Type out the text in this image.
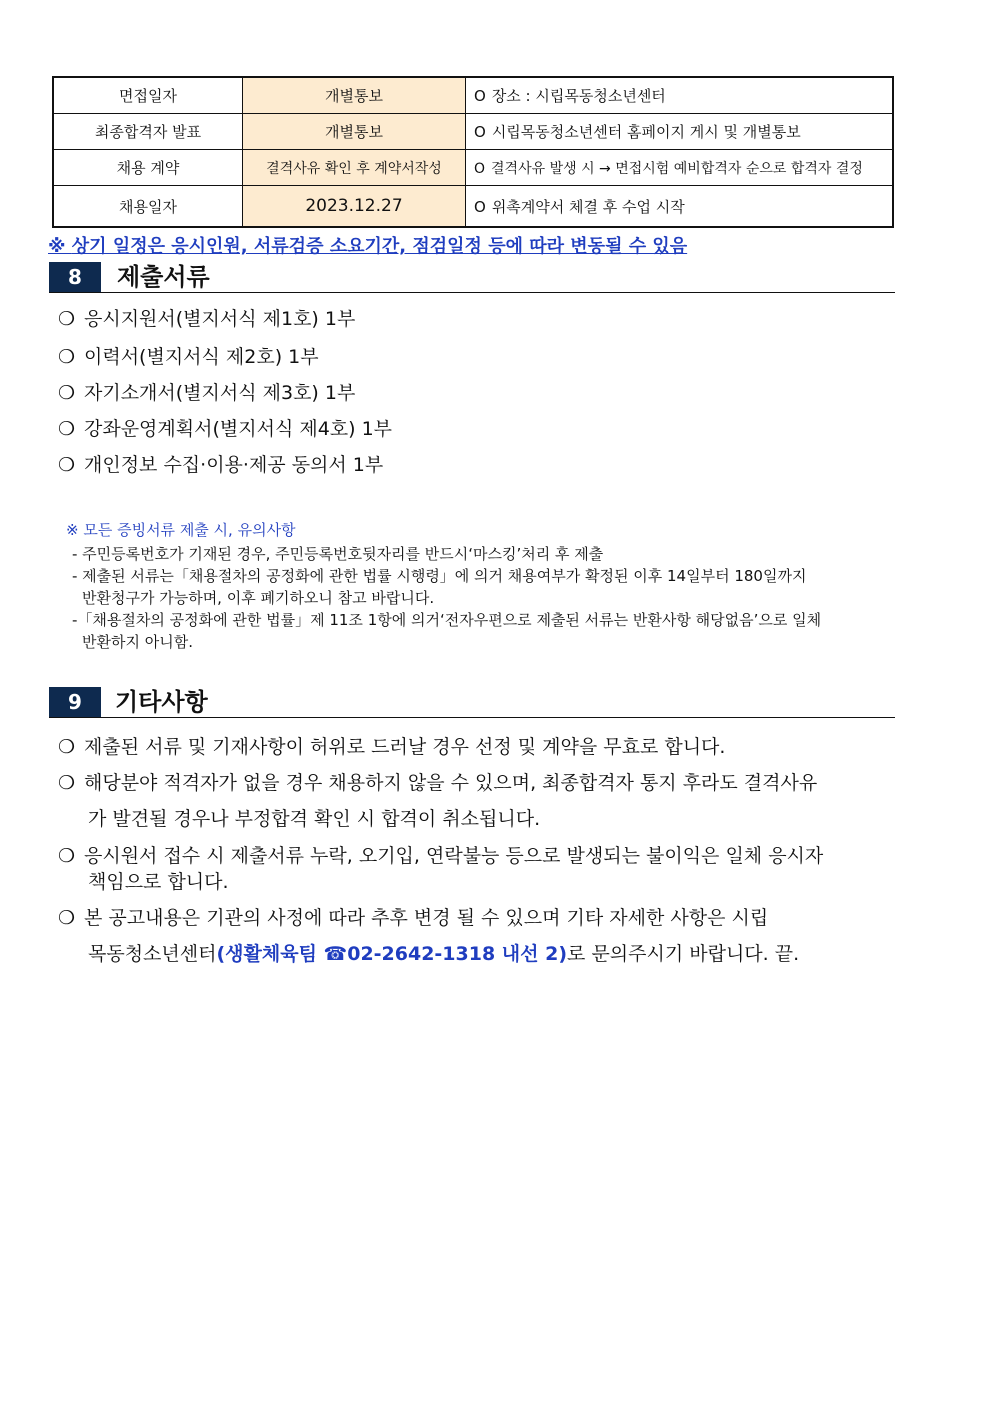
면접일자	개별통보	O 장소 : 시립목동청소년센터
최종합격자 발표	개별통보	O 시립목동청소년센터 홈페이지 게시 및 개별통보
채용 계약	결격사유 확인 후 계약서작성	O 결격사유 발생 시 → 면접시험 예비합격자 순으로 합격자 결정
채용일자	2023.12.27	O 위촉계약서 체결 후 수업 시작
※ 상기 일정은 응시인원, 서류검증 소요기간, 점검일정 등에 따라 변동될 수 있음
8	제출서류
❍ 응시지원서(별지서식 제1호) 1부
❍ 이력서(별지서식 제2호) 1부
❍ 자기소개서(별지서식 제3호) 1부
❍ 강좌운영계획서(별지서식 제4호) 1부
❍ 개인정보 수집·이용·제공 동의서 1부
※ 모든 증빙서류 제출 시, 유의사항
- 주민등록번호가 기재된 경우, 주민등록번호뒷자리를 반드시‘마스킹’처리 후 제출
- 제출된 서류는「채용절차의 공정화에 관한 법률 시행령」에 의거 채용여부가 확정된 이후 14일부터 180일까지
반환청구가 가능하며, 이후 폐기하오니 참고 바랍니다.
-「채용절차의 공정화에 관한 법률」제 11조 1항에 의거‘전자우편으로 제출된 서류는 반환사항 해당없음’으로 일체
반환하지 아니함.
9	기타사항
❍ 제출된 서류 및 기재사항이 허위로 드러날 경우 선정 및 계약을 무효로 합니다.
❍ 해당분야 적격자가 없을 경우 채용하지 않을 수 있으며, 최종합격자 통지 후라도 결격사유
가 발견될 경우나 부정합격 확인 시 합격이 취소됩니다.
❍ 응시원서 접수 시 제출서류 누락, 오기입, 연락불능 등으로 발생되는 불이익은 일체 응시자
책임으로 합니다.
❍ 본 공고내용은 기관의 사정에 따라 추후 변경 될 수 있으며 기타 자세한 사항은 시립
목동청소년센터(생활체육팀 ☎02-2642-1318 내선 2)로 문의주시기 바랍니다. 끝.
